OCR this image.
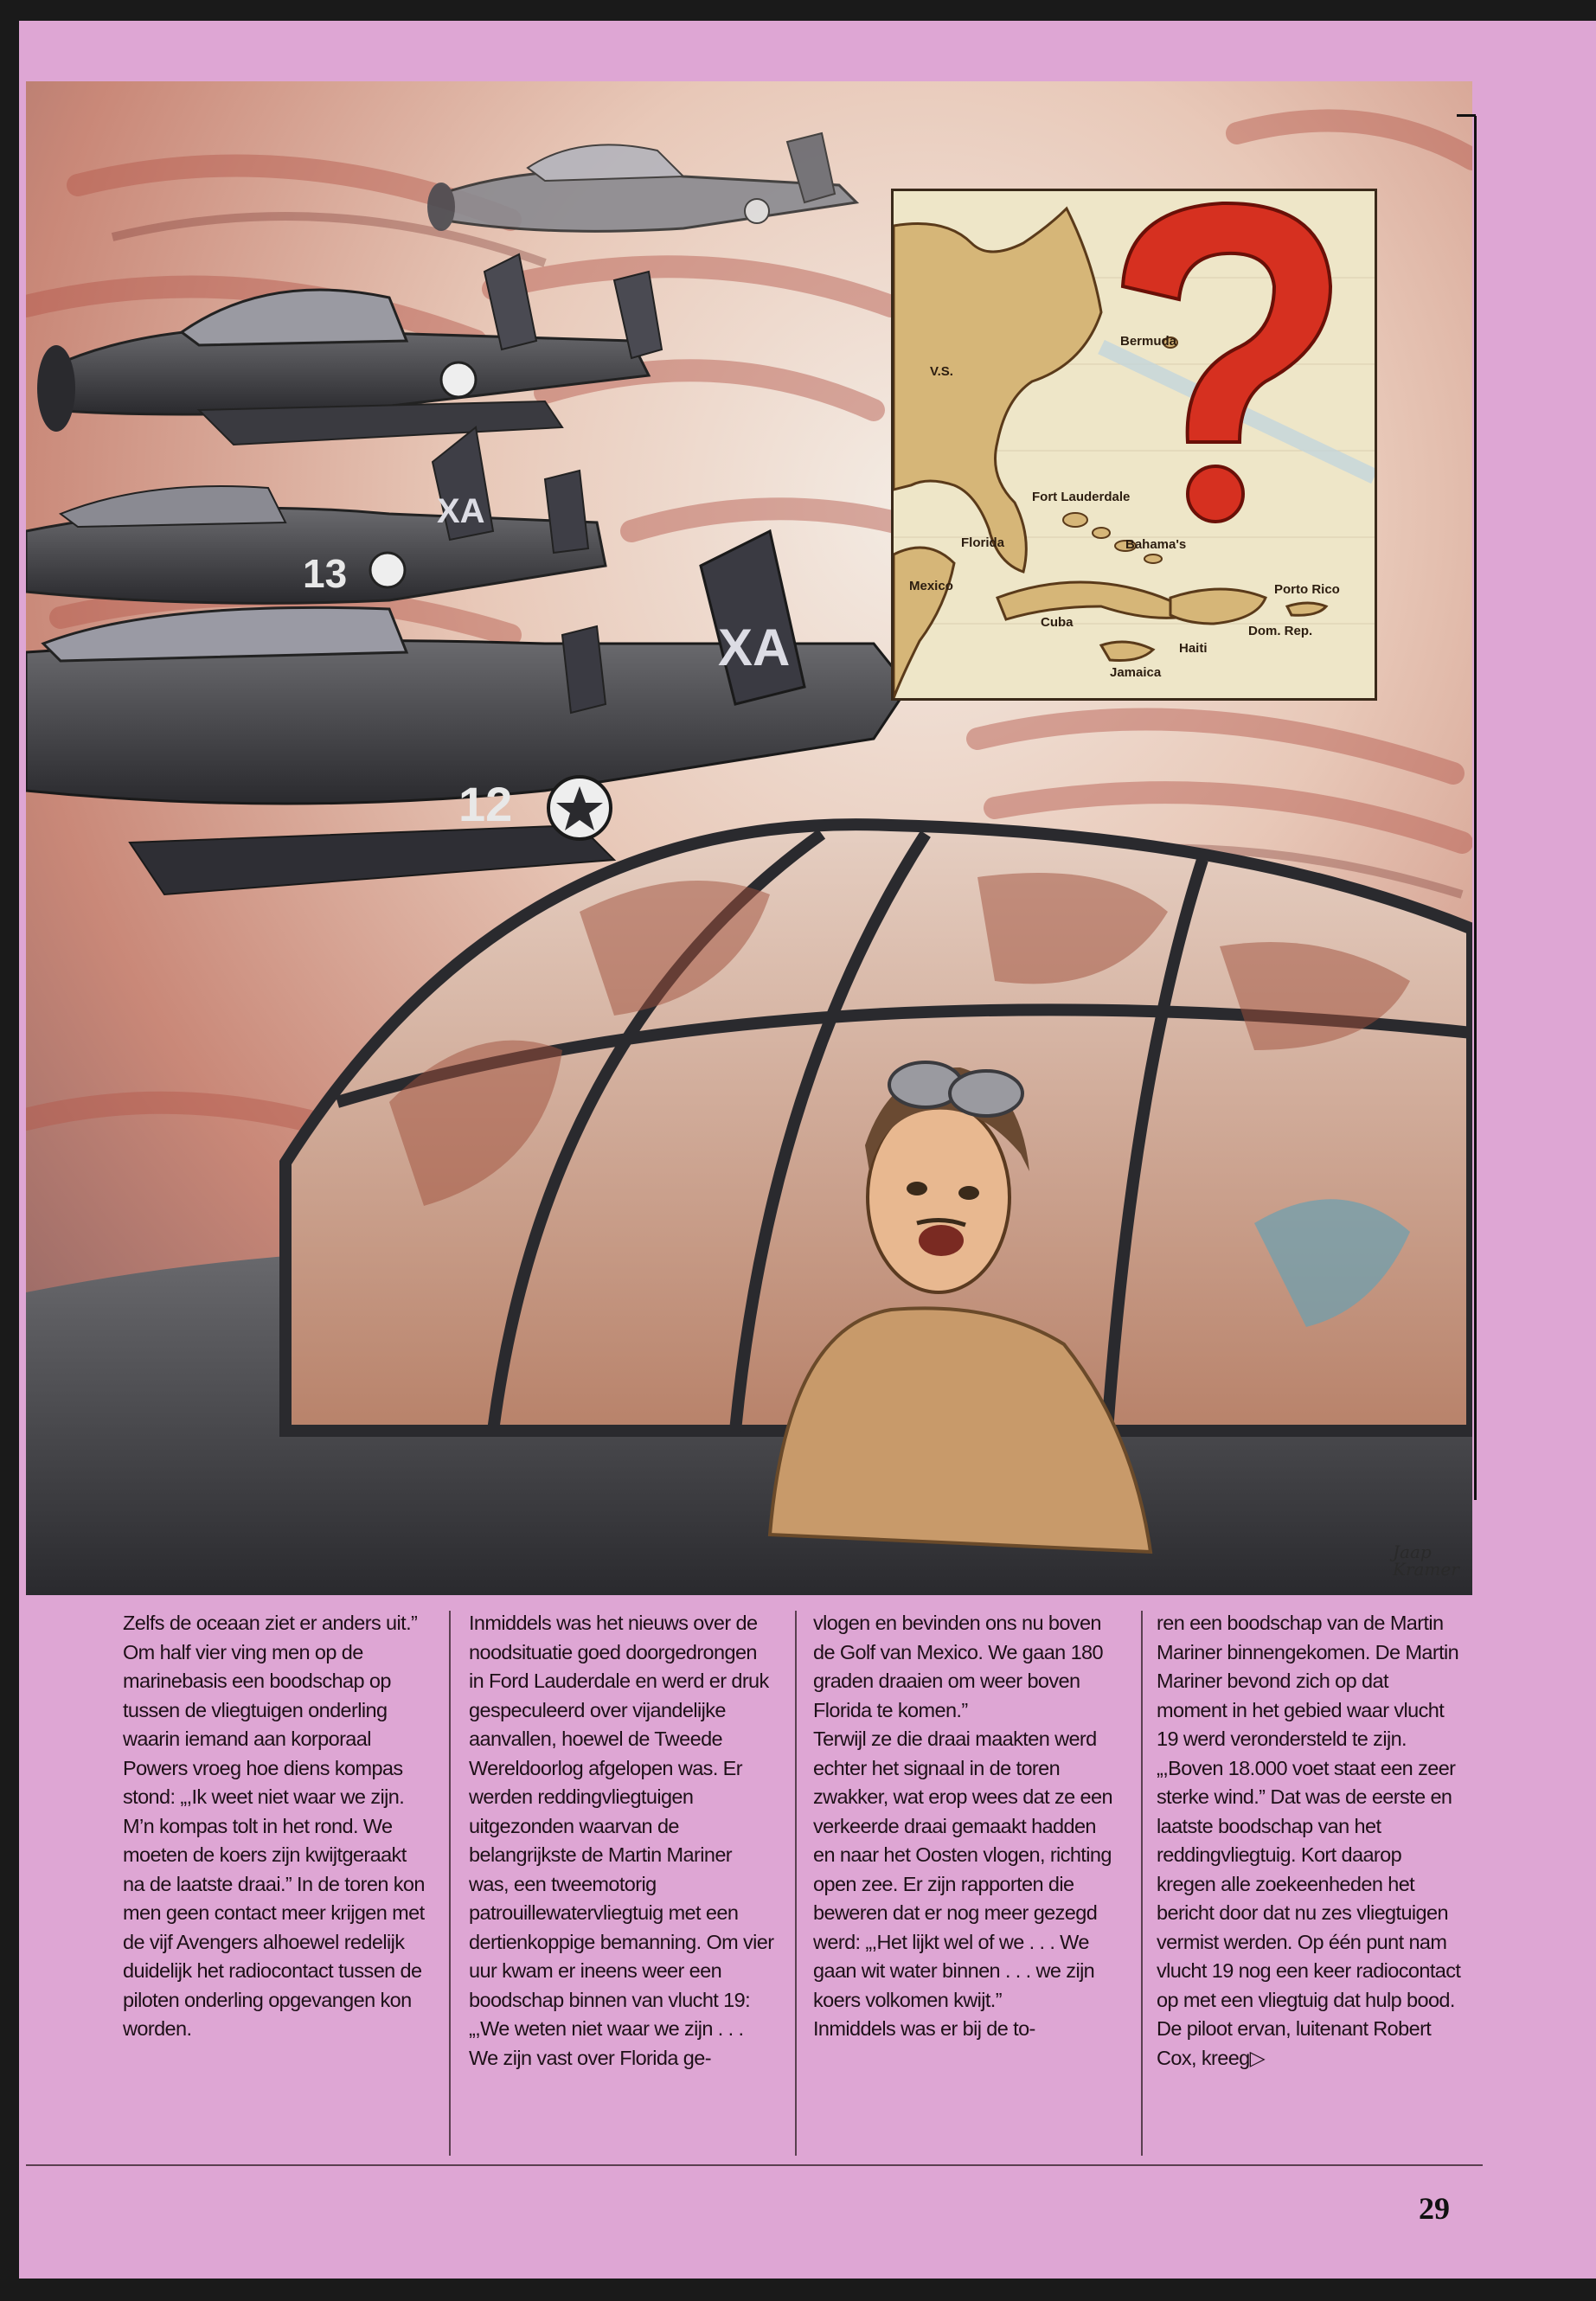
13
XA
XA
12
V.S.
Bermuda
Fort Lauderdale
Florida	Bahama's
Mexico
Cuba
Jamaica
Haiti
Dom. Rep.
Porto Rico
Jaap
Kramer

Zelfs de oceaan ziet er anders uit.”

Om half vier ving men op de marinebasis een boodschap op tussen de vliegtuigen onderling waarin iemand aan korporaal Powers vroeg hoe diens kompas stond: „,Ik weet niet waar we zijn. M’n kompas tolt in het rond. We moeten de koers zijn kwijtgeraakt na de laatste draai.” In de toren kon men geen contact meer krijgen met de vijf Avengers alhoewel redelijk duidelijk het radiocontact tussen de piloten onderling opgevangen kon worden.

Inmiddels was het nieuws over de noodsituatie goed doorgedrongen in Ford Lauderdale en werd er druk gespeculeerd over vijandelijke aanvallen, hoewel de Tweede Wereldoorlog afgelopen was. Er werden reddingvliegtuigen uitgezonden waarvan de belangrijkste de Martin Mariner was, een tweemotorig patrouillewatervliegtuig met een dertienkoppige bemanning. Om vier uur kwam er ineens weer een boodschap binnen van vlucht 19: „,We weten niet waar we zijn . . . We zijn vast over Florida ge-

vlogen en bevinden ons nu boven de Golf van Mexico. We gaan 180 graden draaien om weer boven Florida te komen.”

Terwijl ze die draai maakten werd echter het signaal in de toren zwakker, wat erop wees dat ze een verkeerde draai gemaakt hadden en naar het Oosten vlogen, richting open zee. Er zijn rapporten die beweren dat er nog meer gezegd werd: „,Het lijkt wel of we . . . We gaan wit water binnen . . . we zijn koers volkomen kwijt.”

Inmiddels was er bij de to-

ren een boodschap van de Martin Mariner binnengekomen. De Martin Mariner bevond zich op dat moment in het gebied waar vlucht 19 werd verondersteld te zijn. „,Boven 18.000 voet staat een zeer sterke wind.” Dat was de eerste en laatste boodschap van het reddingvliegtuig. Kort daarop kregen alle zoekeenheden het bericht door dat nu zes vliegtuigen vermist werden. Op één punt nam vlucht 19 nog een keer radiocontact op met een vliegtuig dat hulp bood. De piloot ervan, luitenant Robert Cox, kreeg▷

29
